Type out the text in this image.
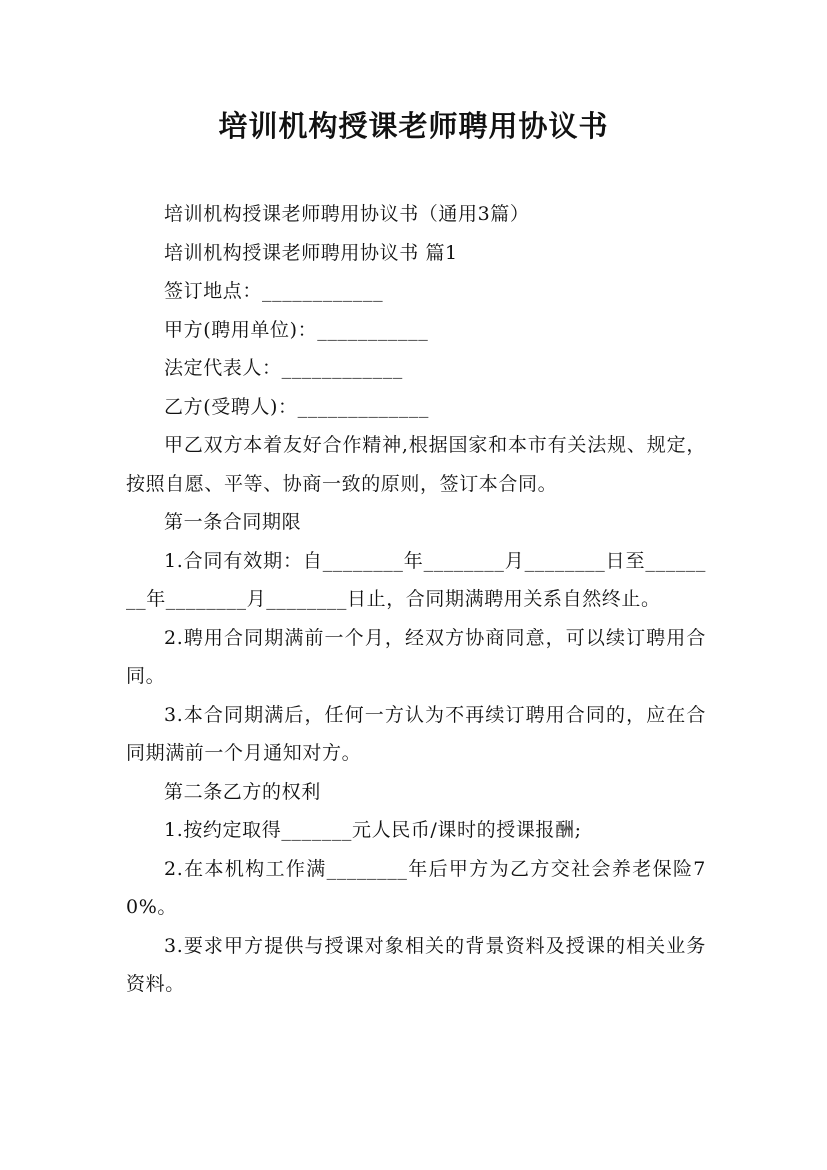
培训机构授课老师聘用协议书

培训机构授课老师聘用协议书（通用3篇）

培训机构授课老师聘用协议书 篇1

签订地点：____________

甲方(聘用单位)：___________

法定代表人：____________

乙方(受聘人)：_____________

甲乙双方本着友好合作精神,根据国家和本市有关法规、规定，按照自愿、平等、协商一致的原则，签订本合同。

第一条合同期限

1.合同有效期：自________年________月________日至________年________月________日止，合同期满聘用关系自然终止。

2.聘用合同期满前一个月，经双方协商同意，可以续订聘用合同。

3.本合同期满后，任何一方认为不再续订聘用合同的，应在合同期满前一个月通知对方。

第二条乙方的权利

1.按约定取得_______元人民币/课时的授课报酬;

2.在本机构工作满________年后甲方为乙方交社会养老保险70%。

3.要求甲方提供与授课对象相关的背景资料及授课的相关业务资料。
